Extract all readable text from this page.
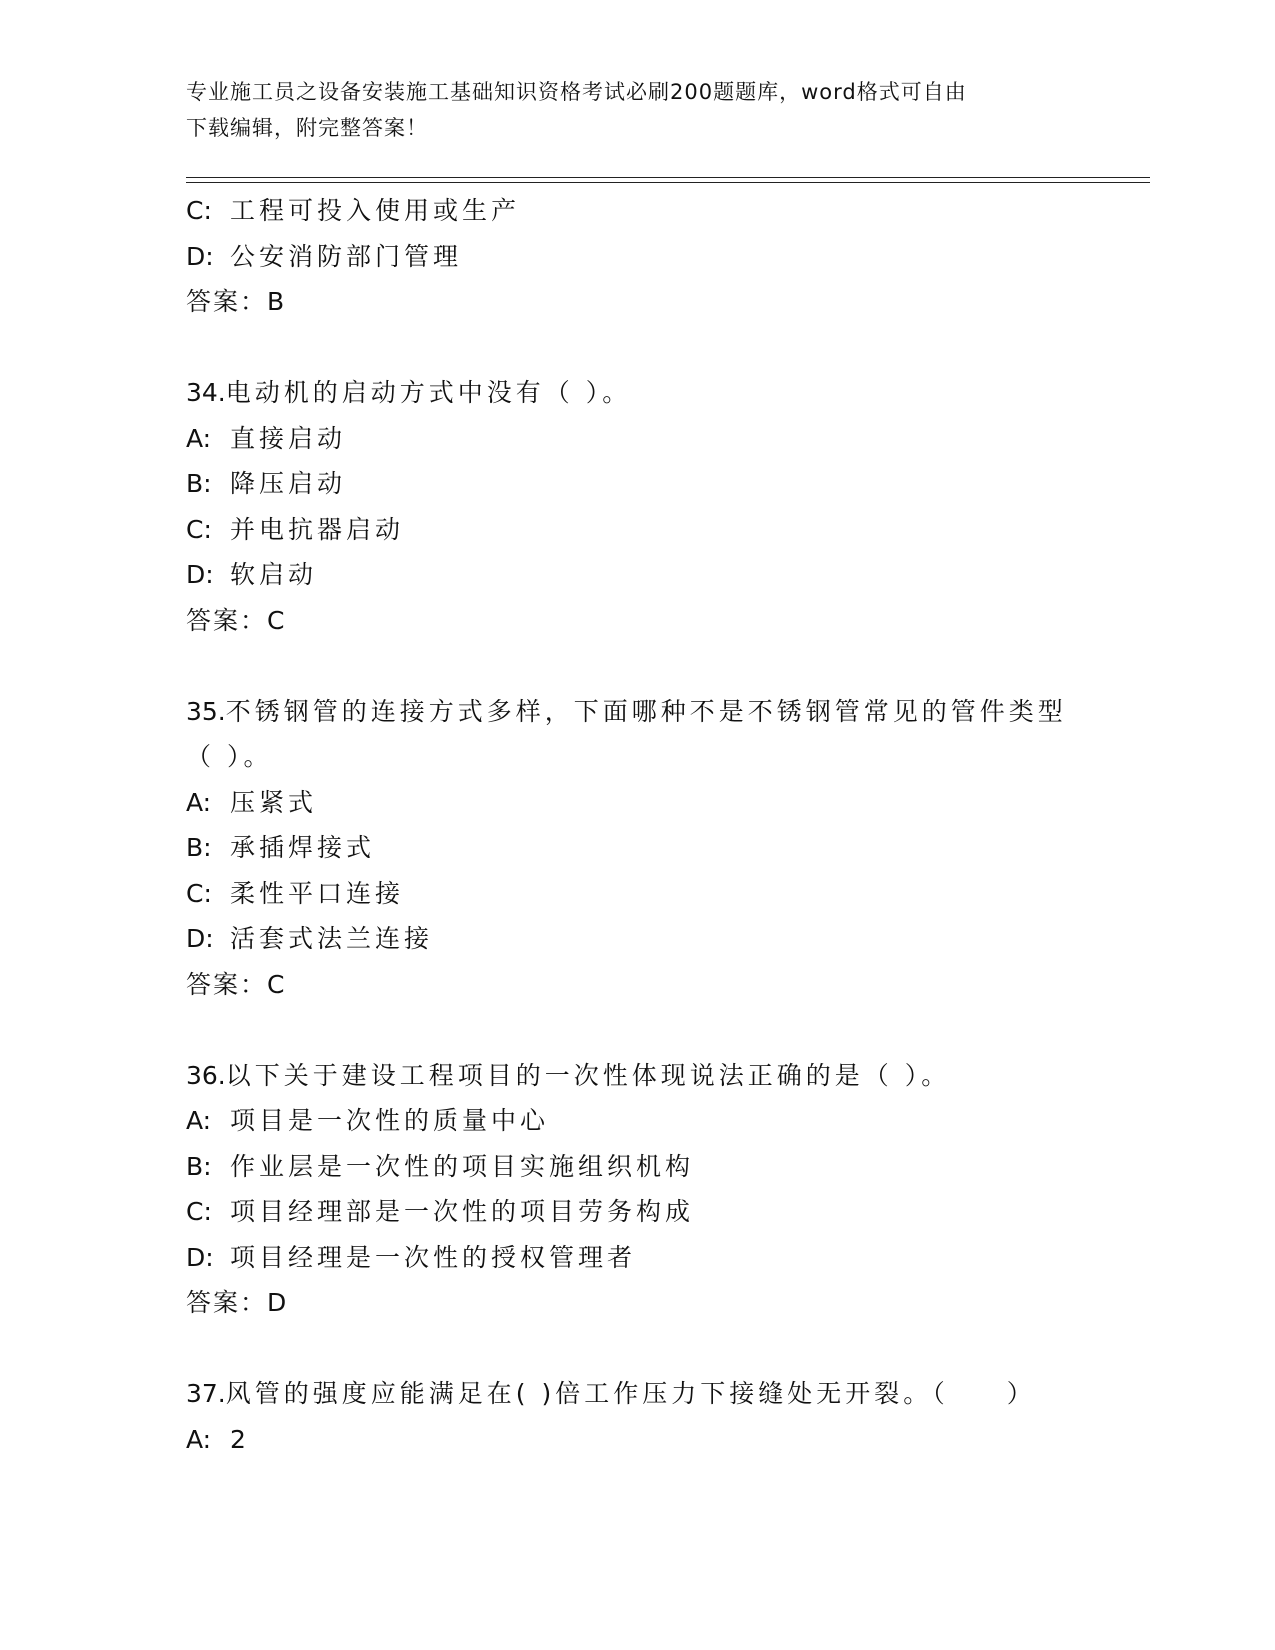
专业施工员之设备安装施工基础知识资格考试必刷200题题库，word格式可自由
下载编辑，附完整答案！
C: 工程可投入使用或生产
D: 公安消防部门管理
答案：B
34.电动机的启动方式中没有（ ）。
A: 直接启动
B: 降压启动
C: 并电抗器启动
D: 软启动
答案：C
35.不锈钢管的连接方式多样，下面哪种不是不锈钢管常见的管件类型
（ ）。
A: 压紧式
B: 承插焊接式
C: 柔性平口连接
D: 活套式法兰连接
答案：C
36.以下关于建设工程项目的一次性体现说法正确的是（ ）。
A: 项目是一次性的质量中心
B: 作业层是一次性的项目实施组织机构
C: 项目经理部是一次性的项目劳务构成
D: 项目经理是一次性的授权管理者
答案：D
37.风管的强度应能满足在( )倍工作压力下接缝处无开裂。（　　）
A: 2
